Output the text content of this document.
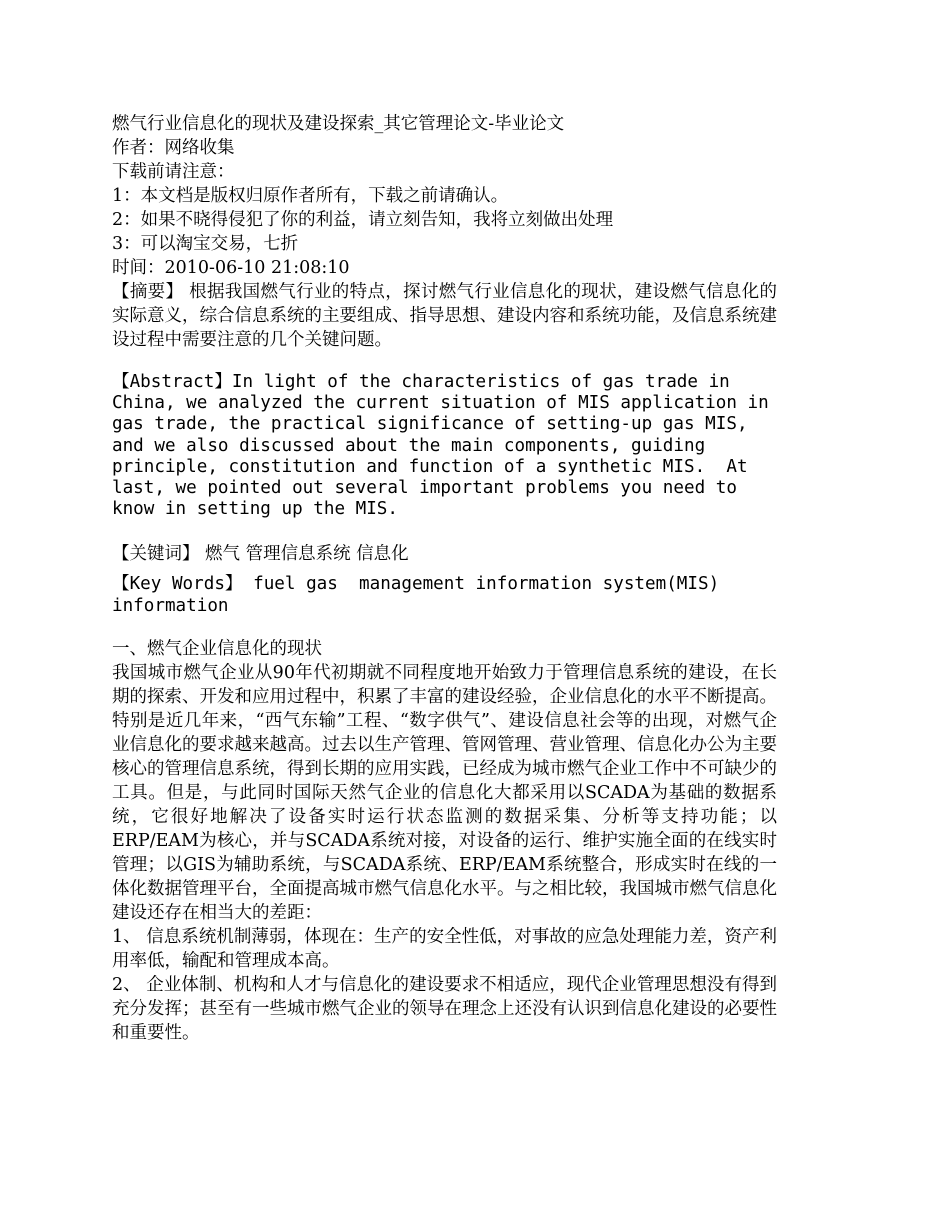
燃气行业信息化的现状及建设探索_其它管理论文-毕业论文
作者：网络收集
下载前请注意：
1：本文档是版权归原作者所有，下载之前请确认。
2：如果不晓得侵犯了你的利益，请立刻告知，我将立刻做出处理
3：可以淘宝交易，七折
时间：2010-06-10 21:08:10
【摘要】 根据我国燃气行业的特点，探讨燃气行业信息化的现状，建设燃气信息化的实际意义，综合信息系统的主要组成、指导思想、建设内容和系统功能，及信息系统建设过程中需要注意的几个关键问题。
【Abstract】In light of the characteristics of gas trade in China, we analyzed the current situation of MIS application in gas trade, the practical significance of setting-up gas MIS, and we also discussed about the main components, guiding principle, constitution and function of a synthetic MIS.  At last, we pointed out several important problems you need to know in setting up the MIS.
【关键词】 燃气 管理信息系统 信息化
【Key Words】 fuel gas  management information system(MIS) information
一、燃气企业信息化的现状
我国城市燃气企业从90年代初期就不同程度地开始致力于管理信息系统的建设，在长期的探索、开发和应用过程中，积累了丰富的建设经验，企业信息化的水平不断提高。特别是近几年来，“西气东输”工程、“数字供气”、建设信息社会等的出现，对燃气企业信息化的要求越来越高。过去以生产管理、管网管理、营业管理、信息化办公为主要核心的管理信息系统，得到长期的应用实践，已经成为城市燃气企业工作中不可缺少的工具。但是，与此同时国际天然气企业的信息化大都采用以SCADA为基础的数据系统，它很好地解决了设备实时运行状态监测的数据采集、分析等支持功能；以ERP/EAM为核心，并与SCADA系统对接，对设备的运行、维护实施全面的在线实时管理；以GIS为辅助系统，与SCADA系统、ERP/EAM系统整合，形成实时在线的一体化数据管理平台，全面提高城市燃气信息化水平。与之相比较，我国城市燃气信息化建设还存在相当大的差距：
1、 信息系统机制薄弱，体现在：生产的安全性低，对事故的应急处理能力差，资产利用率低，输配和管理成本高。
2、 企业体制、机构和人才与信息化的建设要求不相适应，现代企业管理思想没有得到充分发挥；甚至有一些城市燃气企业的领导在理念上还没有认识到信息化建设的必要性和重要性。
